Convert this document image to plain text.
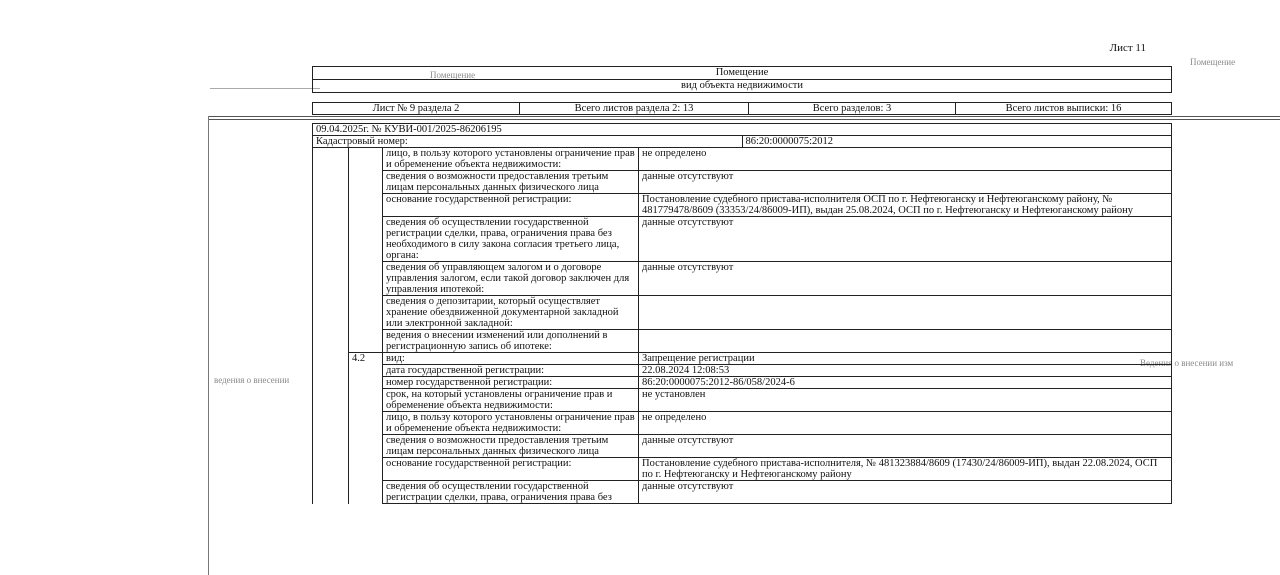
Помещение
Ведения о внесении изм
ведения о внесении
Помещение
Лист 11
Помещение
вид объекта недвижимости
Лист № 9 раздела 2	Всего листов раздела 2: 13	Всего разделов: 3	Всего листов выписки: 16
09.04.2025г. № КУВИ-001/2025-86206195
Кадастровый номер:	86:20:0000075:2012
		лицо, в пользу которого установлены ограничение прав и обременение объекта недвижимости:	не определено
		сведения о возможности предоставления третьим лицам персональных данных физического лица	данные отсутствуют
		основание государственной регистрации:	Постановление судебного пристава-исполнителя ОСП по г. Нефтеюганску и Нефтеюганскому району, № 481779478/8609 (33353/24/86009-ИП), выдан 25.08.2024, ОСП по г. Нефтеюганску и Нефтеюганскому району
		сведения об осуществлении государственной регистрации сделки, права, ограничения права без необходимого в силу закона согласия третьего лица, органа:	данные отсутствуют
		сведения об управляющем залогом и о договоре управления залогом, если такой договор заключен для управления ипотекой:	данные отсутствуют
		сведения о депозитарии, который осуществляет хранение обездвиженной документарной закладной или электронной закладной:	
		ведения о внесении изменений или дополнений в регистрационную запись об ипотеке:	
	4.2	вид:	Запрещение регистрации
		дата государственной регистрации:	22.08.2024 12:08:53
		номер государственной регистрации:	86:20:0000075:2012-86/058/2024-6
		срок, на который установлены ограничение прав и обременение объекта недвижимости:	не установлен
		лицо, в пользу которого установлены ограничение прав и обременение объекта недвижимости:	не определено
		сведения о возможности предоставления третьим лицам персональных данных физического лица	данные отсутствуют
		основание государственной регистрации:	Постановление судебного пристава-исполнителя, № 481323884/8609 (17430/24/86009-ИП), выдан 22.08.2024, ОСП по г. Нефтеюганску и Нефтеюганскому району
		сведения об осуществлении государственной регистрации сделки, права, ограничения права без	данные отсутствуют
